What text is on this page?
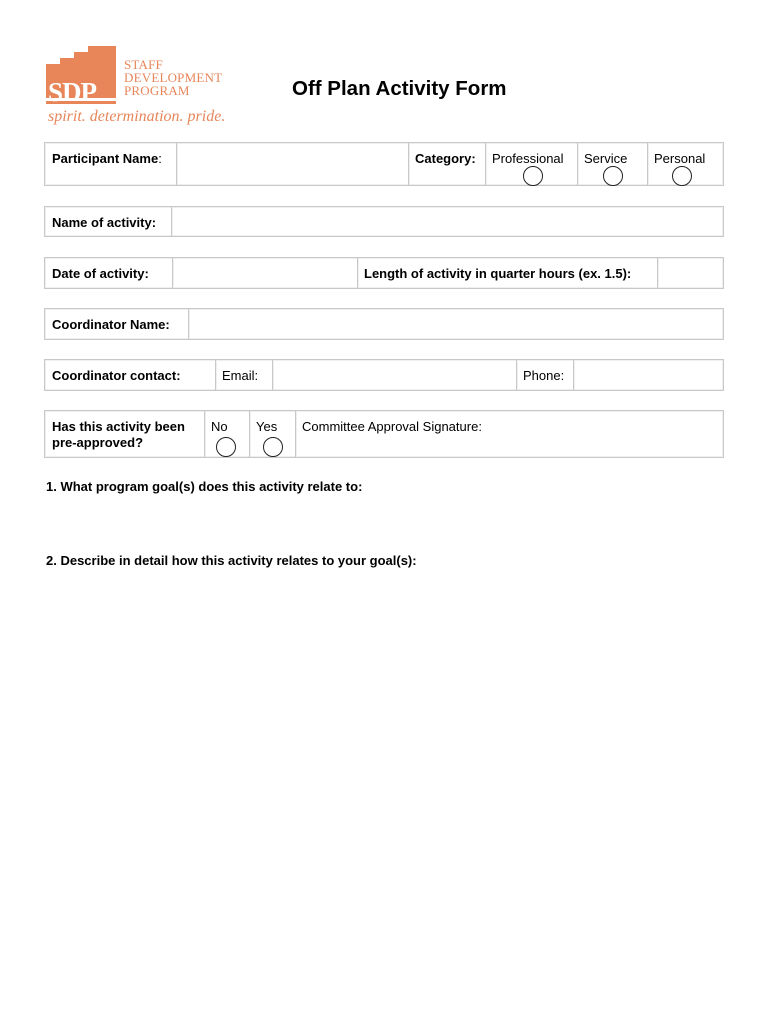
SDP
STAFF
DEVELOPMENT
PROGRAM
spirit. determination. pride.
Off Plan Activity Form
Participant Name:	Category: Professional Service Personal
Name of activity:
Date of activity:	Length of activity in quarter hours (ex. 1.5):
Coordinator Name:
Coordinator contact:	Email:	Phone:
Has this activity been
pre-approved?
No Yes Committee Approval Signature:
1. What program goal(s) does this activity relate to:
2. Describe in detail how this activity relates to your goal(s):
